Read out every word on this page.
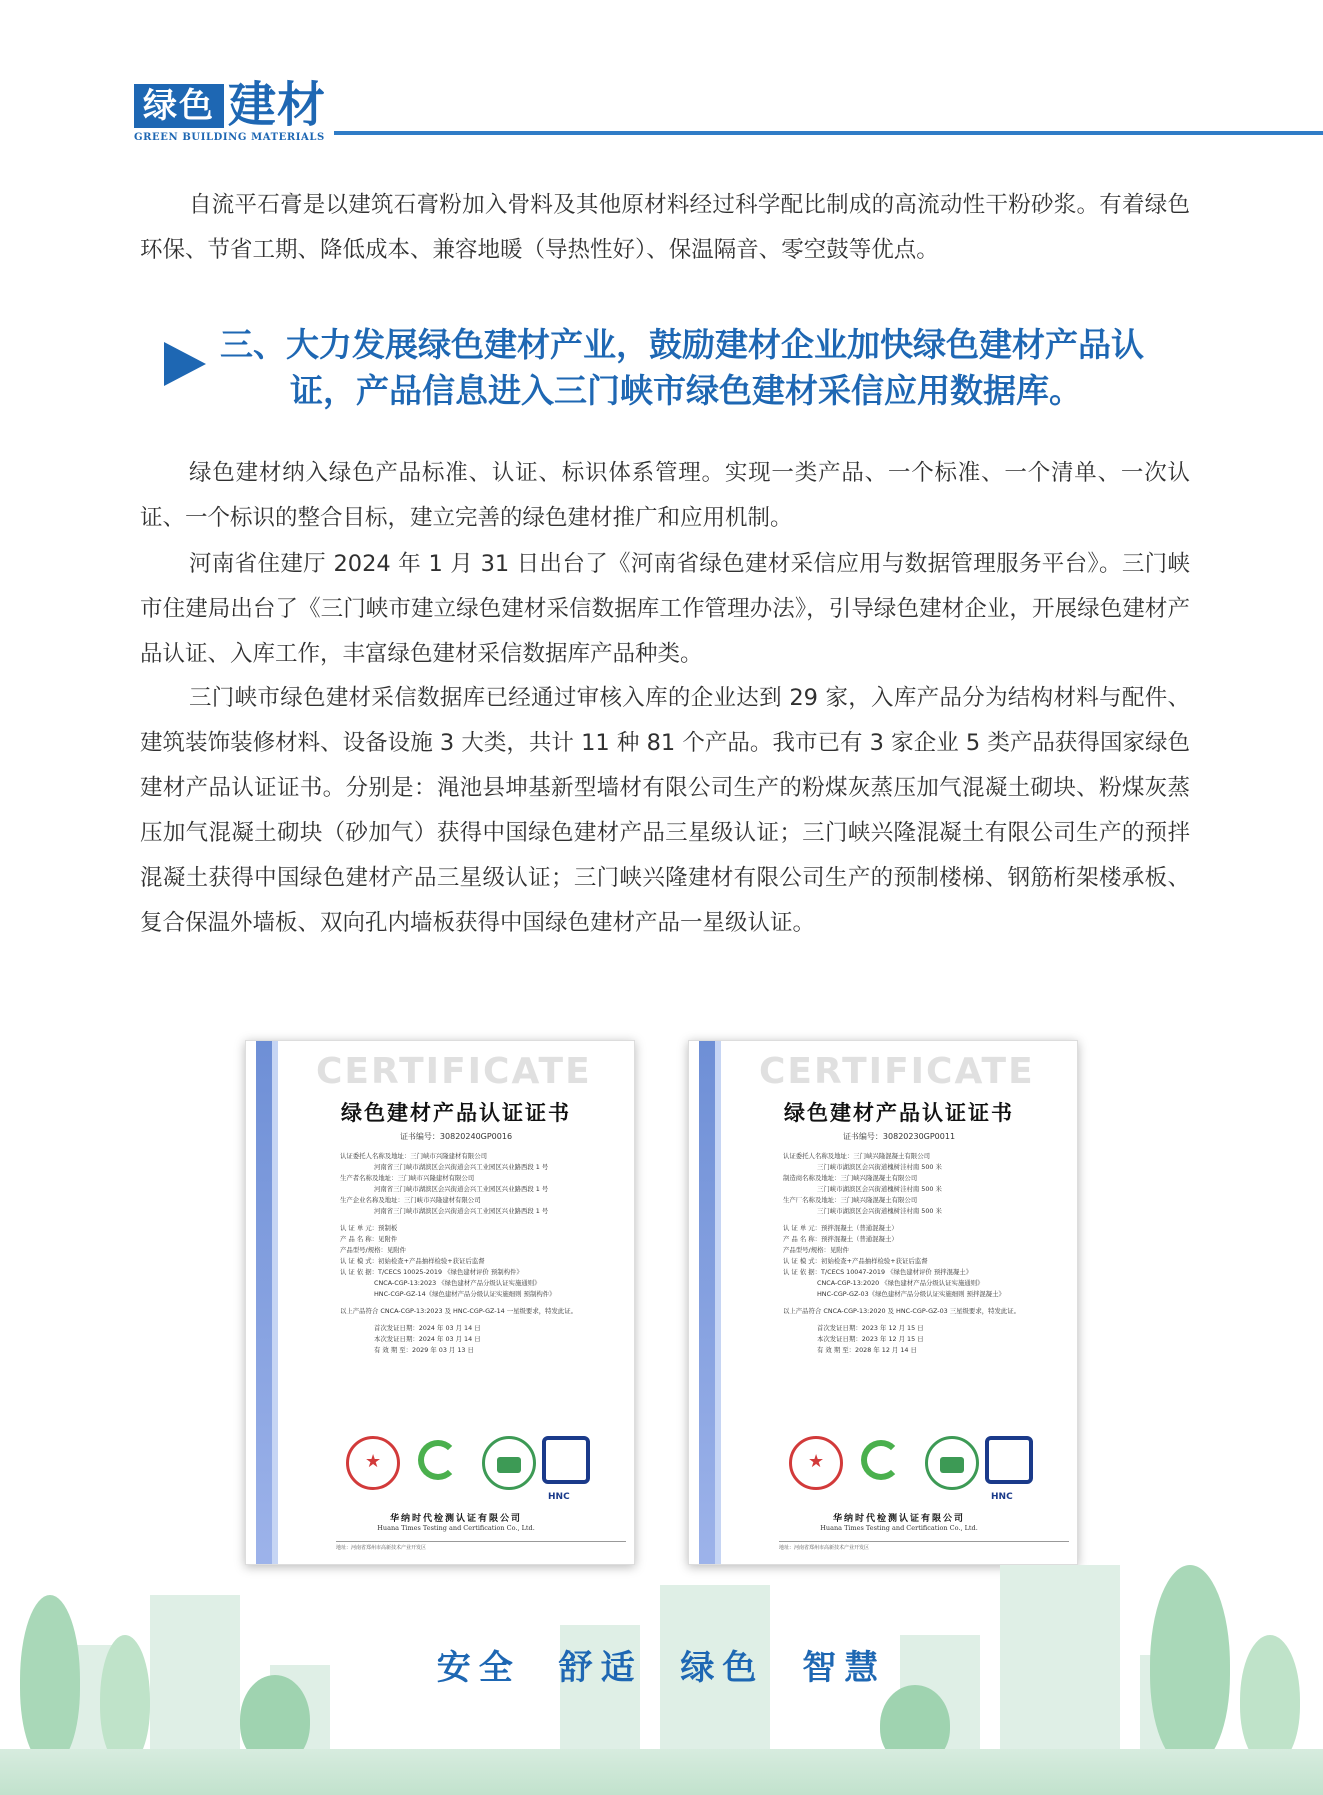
绿色 建材
GREEN BUILDING MATERIALS

自流平石膏是以建筑石膏粉加入骨料及其他原材料经过科学配比制成的高流动性干粉砂浆。有着绿色环保、节省工期、降低成本、兼容地暖（导热性好）、保温隔音、零空鼓等优点。

三、大力发展绿色建材产业，鼓励建材企业加快绿色建材产品认
证，产品信息进入三门峡市绿色建材采信应用数据库。

绿色建材纳入绿色产品标准、认证、标识体系管理。实现一类产品、一个标准、一个清单、一次认证、一个标识的整合目标，建立完善的绿色建材推广和应用机制。

河南省住建厅 2024 年 1 月 31 日出台了《河南省绿色建材采信应用与数据管理服务平台》。三门峡市住建局出台了《三门峡市建立绿色建材采信数据库工作管理办法》，引导绿色建材企业，开展绿色建材产品认证、入库工作，丰富绿色建材采信数据库产品种类。

三门峡市绿色建材采信数据库已经通过审核入库的企业达到 29 家，入库产品分为结构材料与配件、建筑装饰装修材料、设备设施 3 大类，共计 11 种 81 个产品。我市已有 3 家企业 5 类产品获得国家绿色建材产品认证证书。分别是：渑池县坤基新型墙材有限公司生产的粉煤灰蒸压加气混凝土砌块、粉煤灰蒸压加气混凝土砌块（砂加气）获得中国绿色建材产品三星级认证；三门峡兴隆混凝土有限公司生产的预拌混凝土获得中国绿色建材产品三星级认证；三门峡兴隆建材有限公司生产的预制楼梯、钢筋桁架楼承板、复合保温外墙板、双向孔内墙板获得中国绿色建材产品一星级认证。

CERTIFICATE
绿色建材产品认证证书
证书编号：30820240GP0016
认证委托人名称及地址：三门峡市兴隆建材有限公司
河南省三门峡市湖滨区会兴街道会兴工业园区兴业路西段 1 号
生产者名称及地址：三门峡市兴隆建材有限公司
河南省三门峡市湖滨区会兴街道会兴工业园区兴业路西段 1 号
生产企业名称及地址：三门峡市兴隆建材有限公司
河南省三门峡市湖滨区会兴街道会兴工业园区兴业路西段 1 号
认 证 单 元：预制板
产 品 名 称：见附件
产品型号/规格：见附件
认 证 模 式：初始检查+产品抽样检验+获证后监督
认 证 依 据：T/CECS 10025-2019 《绿色建材评价 预制构件》
CNCA-CGP-13:2023 《绿色建材产品分级认证实施通则》
HNC-CGP-GZ-14《绿色建材产品分级认证实施细则 预制构件》
以上产品符合 CNCA-CGP-13:2023 及 HNC-CGP-GZ-14 一星级要求，特发此证。
首次发证日期：2024 年 03 月 14 日
本次发证日期：2024 年 03 月 14 日
有 效 期 至：2029 年 03 月 13 日
★
HNC
华纳时代检测认证有限公司
Huana Times Testing and Certification Co., Ltd.
地址：河南省郑州市高新技术产业开发区
CERTIFICATE
绿色建材产品认证证书
证书编号：30820230GP0011
认证委托人名称及地址：三门峡兴隆混凝土有限公司
三门峡市湖滨区会兴街道槐树洼村南 500 米
制造商名称及地址：三门峡兴隆混凝土有限公司
三门峡市湖滨区会兴街道槐树洼村南 500 米
生产厂名称及地址：三门峡兴隆混凝土有限公司
三门峡市湖滨区会兴街道槐树洼村南 500 米
认 证 单 元：预拌混凝土（普通混凝土）
产 品 名 称：预拌混凝土（普通混凝土）
产品型号/规格：见附件
认 证 模 式：初始检查+产品抽样检验+获证后监督
认 证 依 据：T/CECS 10047-2019 《绿色建材评价 预拌混凝土》
CNCA-CGP-13:2020 《绿色建材产品分级认证实施通则》
HNC-CGP-GZ-03《绿色建材产品分级认证实施细则 预拌混凝土》
以上产品符合 CNCA-CGP-13:2020 及 HNC-CGP-GZ-03 三星级要求，特发此证。
首次发证日期：2023 年 12 月 15 日
本次发证日期：2023 年 12 月 15 日
有 效 期 至：2028 年 12 月 14 日
★
HNC
华纳时代检测认证有限公司
Huana Times Testing and Certification Co., Ltd.
地址：河南省郑州市高新技术产业开发区
安全 舒适 绿色 智慧
